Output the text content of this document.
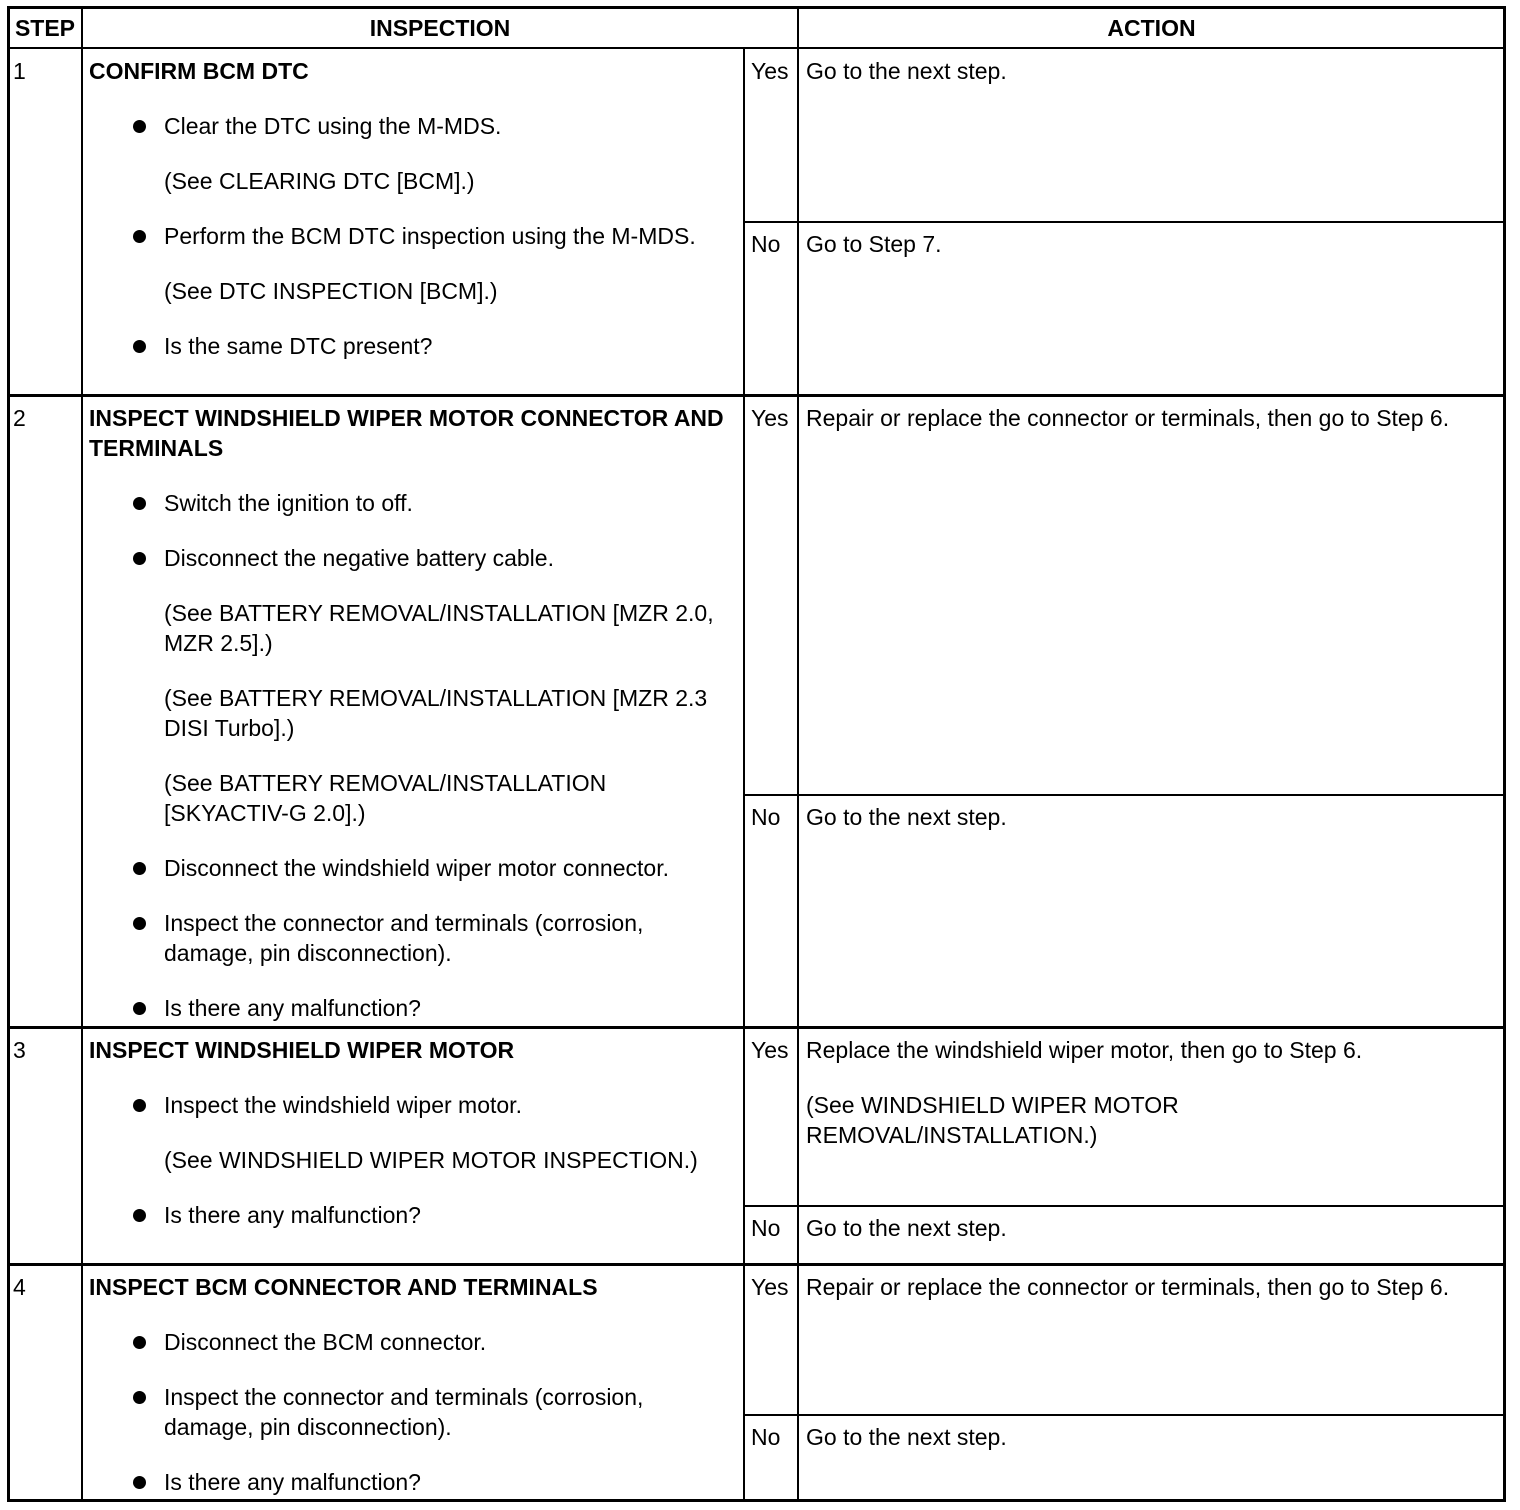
STEP	INSPECTION	ACTION
1	CONFIRM BCM DTC
Clear the DTC using the M-MDS.
(See CLEARING DTC [BCM].)
Perform the BCM DTC inspection using the M-MDS.
(See DTC INSPECTION [BCM].)
Is the same DTC present?
Yes Go to the next step.
No	Go to Step 7.
2	INSPECT WINDSHIELD WIPER MOTOR CONNECTOR AND TERMINALS
Switch the ignition to off.
Disconnect the negative battery cable.
(See BATTERY REMOVAL/INSTALLATION [MZR 2.0, MZR 2.5].)
(See BATTERY REMOVAL/INSTALLATION [MZR 2.3 DISI Turbo].)
(See BATTERY REMOVAL/INSTALLATION [SKYACTIV-G 2.0].)
Disconnect the windshield wiper motor connector.
Inspect the connector and terminals (corrosion, damage, pin disconnection).
Is there any malfunction?
Yes Repair or replace the connector or terminals, then go to Step 6.
No	Go to the next step.
3	INSPECT WINDSHIELD WIPER MOTOR
Inspect the windshield wiper motor.
(See WINDSHIELD WIPER MOTOR INSPECTION.)
Is there any malfunction?
Yes Replace the windshield wiper motor, then go to Step 6.
(See WINDSHIELD WIPER MOTOR REMOVAL/INSTALLATION.)
No	Go to the next step.
4	INSPECT BCM CONNECTOR AND TERMINALS
Disconnect the BCM connector.
Inspect the connector and terminals (corrosion, damage, pin disconnection).
Is there any malfunction?
Yes Repair or replace the connector or terminals, then go to Step 6.
No	Go to the next step.
